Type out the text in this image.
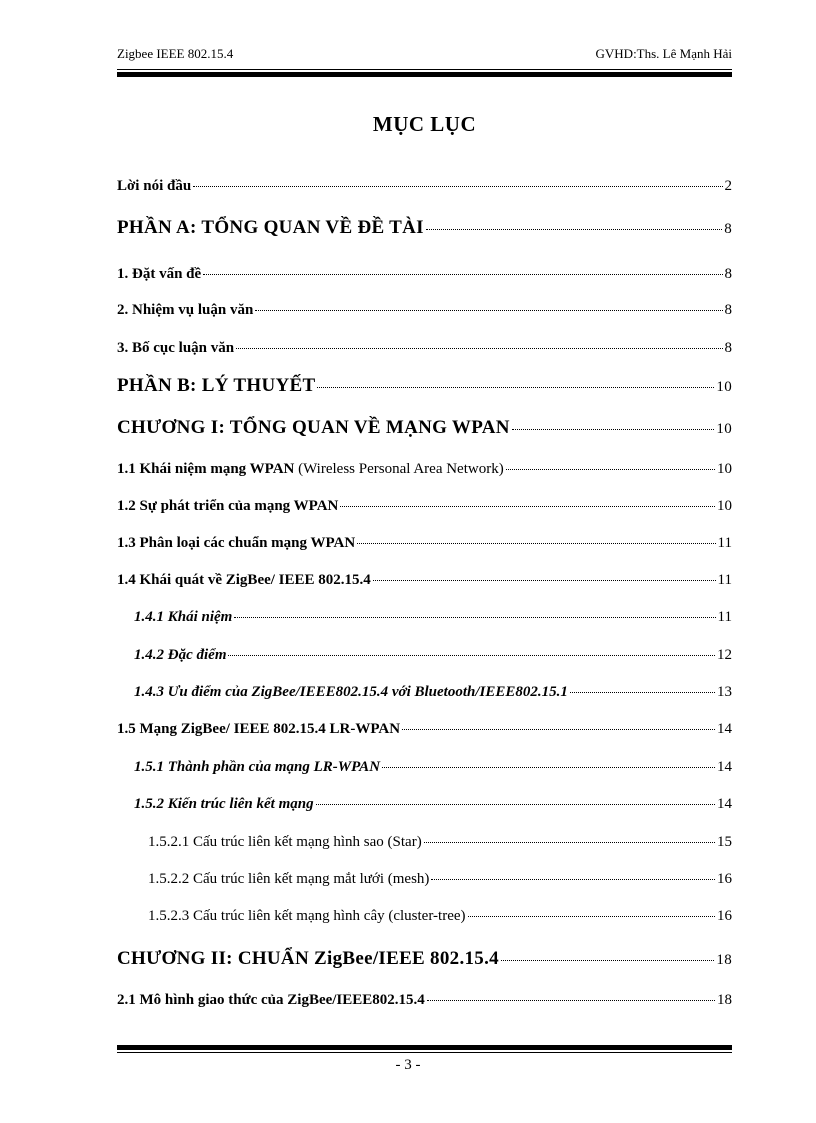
Zigbee IEEE 802.15.4	GVHD:Ths. Lê Mạnh Hải
MỤC LỤC
Lời nói đầu	2
PHẦN A: TỔNG QUAN VỀ ĐỀ TÀI	8
1. Đặt vấn đề	8
2. Nhiệm vụ luận văn	8
3. Bố cục luận văn	8
PHẦN B: LÝ THUYẾT	10
CHƯƠNG I: TỔNG QUAN VỀ MẠNG WPAN	10
1.1 Khái niệm mạng WPAN (Wireless Personal Area Network)	10
1.2 Sự phát triển của mạng WPAN	10
1.3 Phân loại các chuẩn mạng WPAN	11
1.4 Khái quát về ZigBee/ IEEE 802.15.4	11
1.4.1 Khái niệm	11
1.4.2 Đặc điểm	12
1.4.3 Ưu điểm của ZigBee/IEEE802.15.4 với Bluetooth/IEEE802.15.1	13
1.5 Mạng ZigBee/ IEEE 802.15.4 LR-WPAN	14
1.5.1 Thành phần của mạng LR-WPAN	14
1.5.2 Kiến trúc liên kết mạng	14
1.5.2.1 Cấu trúc liên kết mạng hình sao (Star)	15
1.5.2.2 Cấu trúc liên kết mạng mắt lưới (mesh)	16
1.5.2.3 Cấu trúc liên kết mạng hình cây (cluster-tree)	16
CHƯƠNG II: CHUẨN ZigBee/IEEE 802.15.4	18
2.1 Mô hình giao thức của ZigBee/IEEE802.15.4	18
- 3 -
